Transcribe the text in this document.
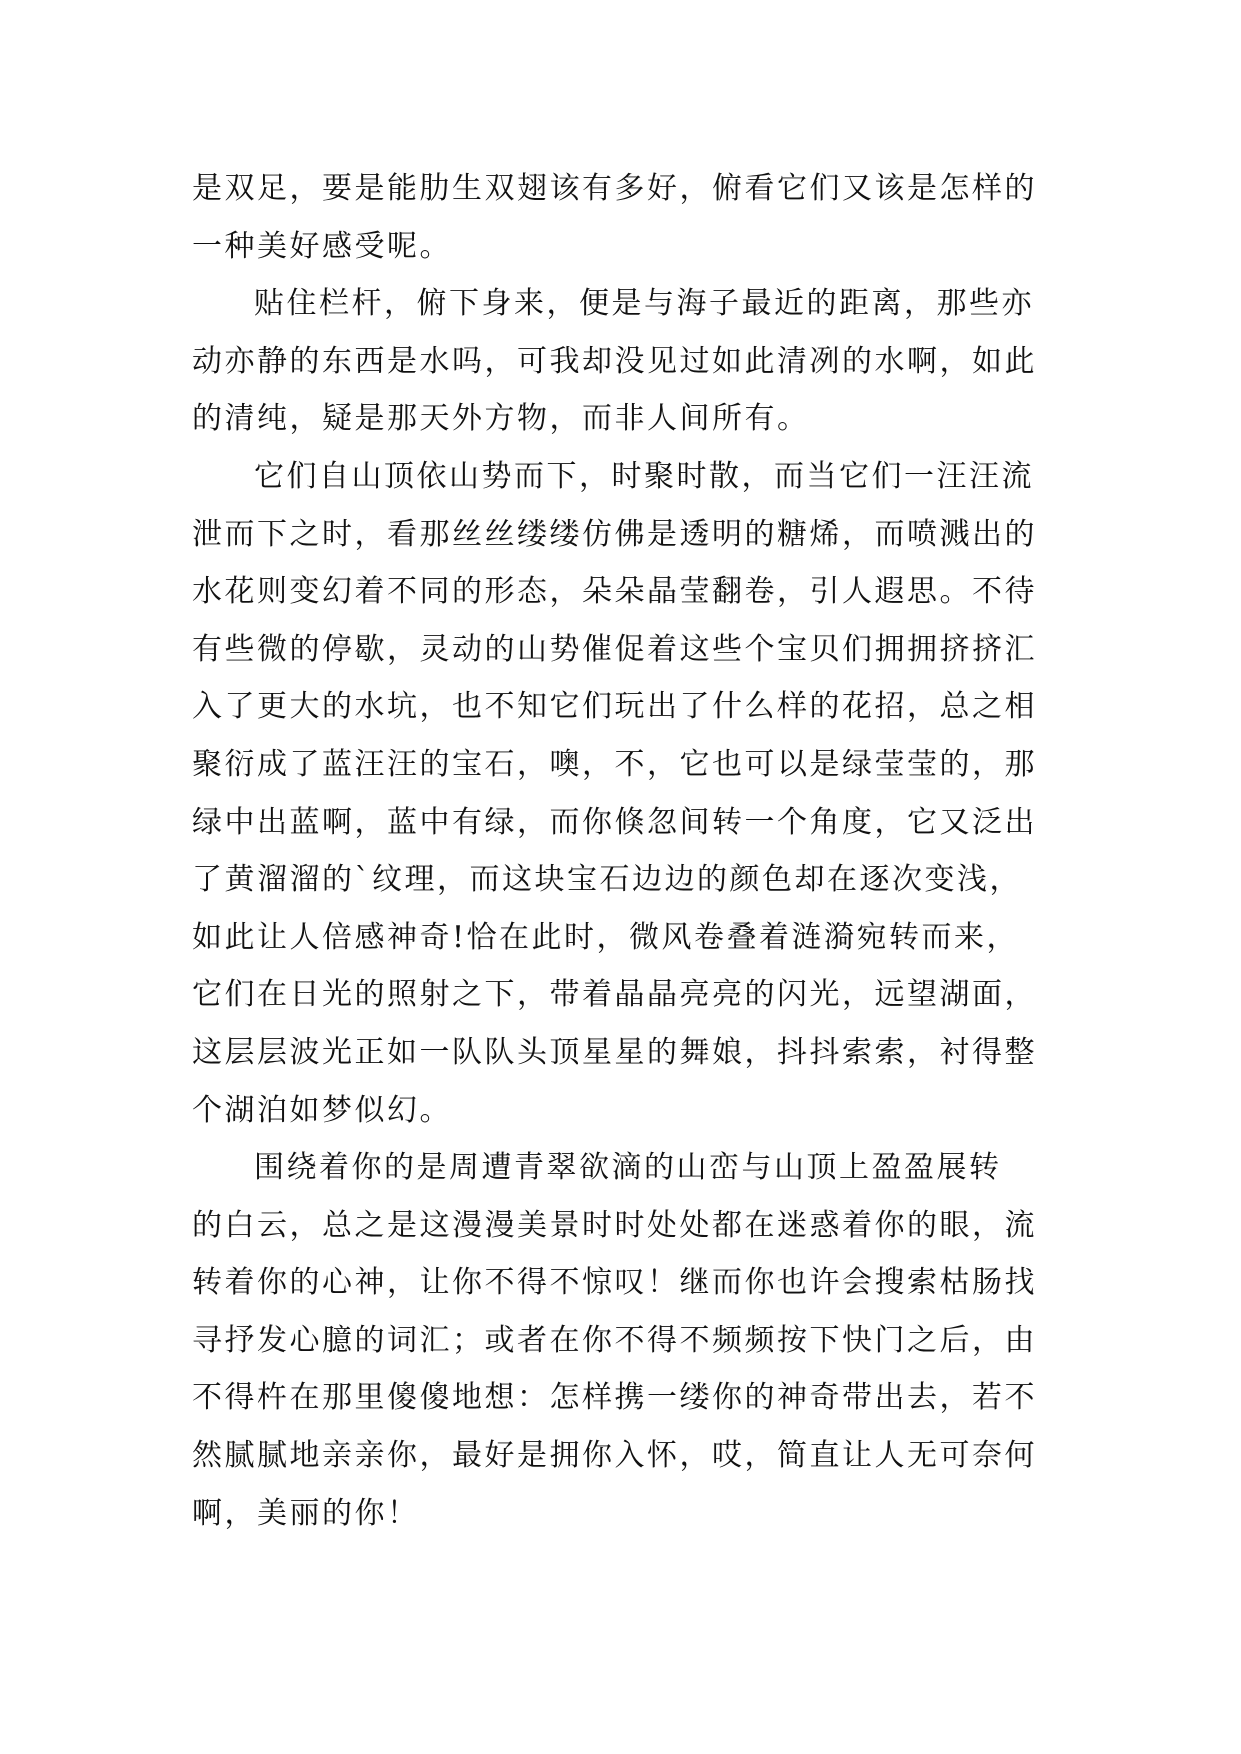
是双足，要是能肋生双翅该有多好，俯看它们又该是怎样的
一种美好感受呢。
贴住栏杆，俯下身来，便是与海子最近的距离，那些亦
动亦静的东西是水吗，可我却没见过如此清冽的水啊，如此
的清纯，疑是那天外方物，而非人间所有。
它们自山顶依山势而下，时聚时散，而当它们一汪汪流
泄而下之时，看那丝丝缕缕仿佛是透明的糖烯，而喷溅出的
水花则变幻着不同的形态，朵朵晶莹翻卷，引人遐思。不待
有些微的停歇，灵动的山势催促着这些个宝贝们拥拥挤挤汇
入了更大的水坑，也不知它们玩出了什么样的花招，总之相
聚衍成了蓝汪汪的宝石，噢，不，它也可以是绿莹莹的，那
绿中出蓝啊，蓝中有绿，而你倏忽间转一个角度，它又泛出
了黄溜溜的`纹理，而这块宝石边边的颜色却在逐次变浅，
如此让人倍感神奇!恰在此时，微风卷叠着涟漪宛转而来，
它们在日光的照射之下，带着晶晶亮亮的闪光，远望湖面，
这层层波光正如一队队头顶星星的舞娘，抖抖索索，衬得整
个湖泊如梦似幻。
围绕着你的是周遭青翠欲滴的山峦与山顶上盈盈展转
的白云，总之是这漫漫美景时时处处都在迷惑着你的眼，流
转着你的心神，让你不得不惊叹！继而你也许会搜索枯肠找
寻抒发心臆的词汇；或者在你不得不频频按下快门之后，由
不得杵在那里傻傻地想：怎样携一缕你的神奇带出去，若不
然腻腻地亲亲你，最好是拥你入怀，哎，简直让人无可奈何
啊，美丽的你！
